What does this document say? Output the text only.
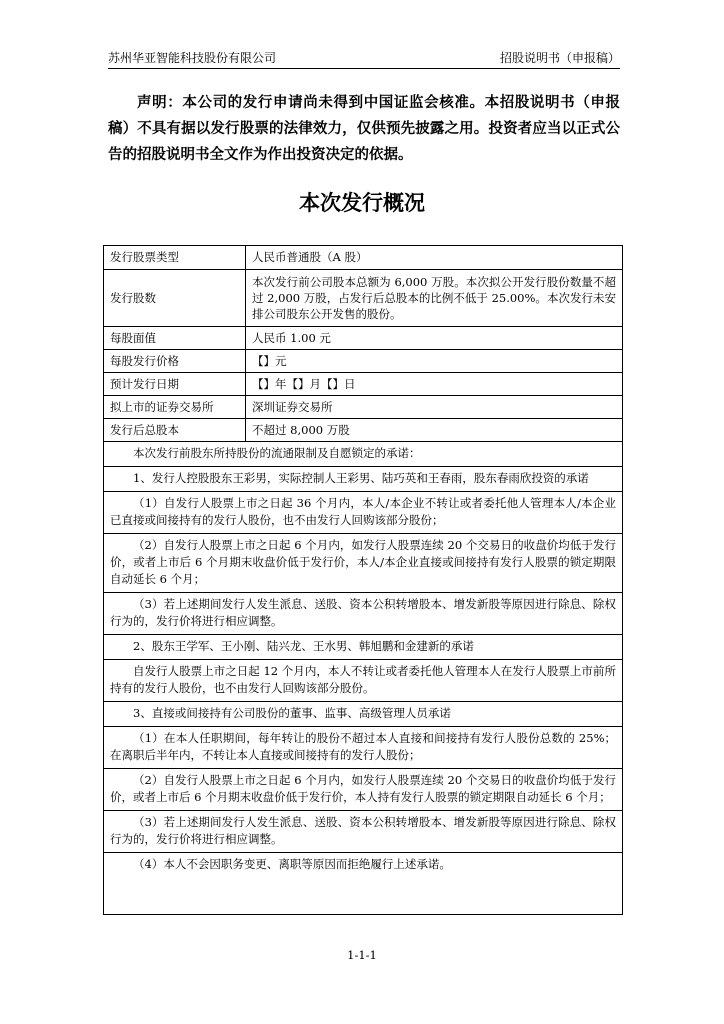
苏州华亚智能科技股份有限公司	招股说明书（申报稿）
声明：本公司的发行申请尚未得到中国证监会核准。本招股说明书（申报稿）不具有据以发行股票的法律效力，仅供预先披露之用。投资者应当以正式公告的招股说明书全文作为作出投资决定的依据。
本次发行概况
发行股票类型	人民币普通股（A 股）
发行股数	本次发行前公司股本总额为 6,000 万股。本次拟公开发行股份数量不超过 2,000 万股，占发行后总股本的比例不低于 25.00%。本次发行未安排公司股东公开发售的股份。
每股面值	人民币 1.00 元
每股发行价格	【】元
预计发行日期	【】年【】月【】日
拟上市的证券交易所	深圳证券交易所
发行后总股本	不超过 8,000 万股
本次发行前股东所持股份的流通限制及自愿锁定的承诺：
1、发行人控股股东王彩男，实际控制人王彩男、陆巧英和王春雨，股东春雨欣投资的承诺
（1）自发行人股票上市之日起 36 个月内，本人/本企业不转让或者委托他人管理本人/本企业已直接或间接持有的发行人股份，也不由发行人回购该部分股份；
（2）自发行人股票上市之日起 6 个月内，如发行人股票连续 20 个交易日的收盘价均低于发行价，或者上市后 6 个月期末收盘价低于发行价，本人/本企业直接或间接持有发行人股票的锁定期限自动延长 6 个月；
（3）若上述期间发行人发生派息、送股、资本公积转增股本、增发新股等原因进行除息、除权行为的，发行价将进行相应调整。
2、股东王学军、王小刚、陆兴龙、王水男、韩旭鹏和金建新的承诺
自发行人股票上市之日起 12 个月内，本人不转让或者委托他人管理本人在发行人股票上市前所持有的发行人股份，也不由发行人回购该部分股份。
3、直接或间接持有公司股份的董事、监事、高级管理人员承诺
（1）在本人任职期间，每年转让的股份不超过本人直接和间接持有发行人股份总数的 25%；在离职后半年内，不转让本人直接或间接持有的发行人股份；
（2）自发行人股票上市之日起 6 个月内，如发行人股票连续 20 个交易日的收盘价均低于发行价，或者上市后 6 个月期末收盘价低于发行价，本人持有发行人股票的锁定期限自动延长 6 个月；
（3）若上述期间发行人发生派息、送股、资本公积转增股本、增发新股等原因进行除息、除权行为的，发行价将进行相应调整。
（4）本人不会因职务变更、离职等原因而拒绝履行上述承诺。
1-1-1
